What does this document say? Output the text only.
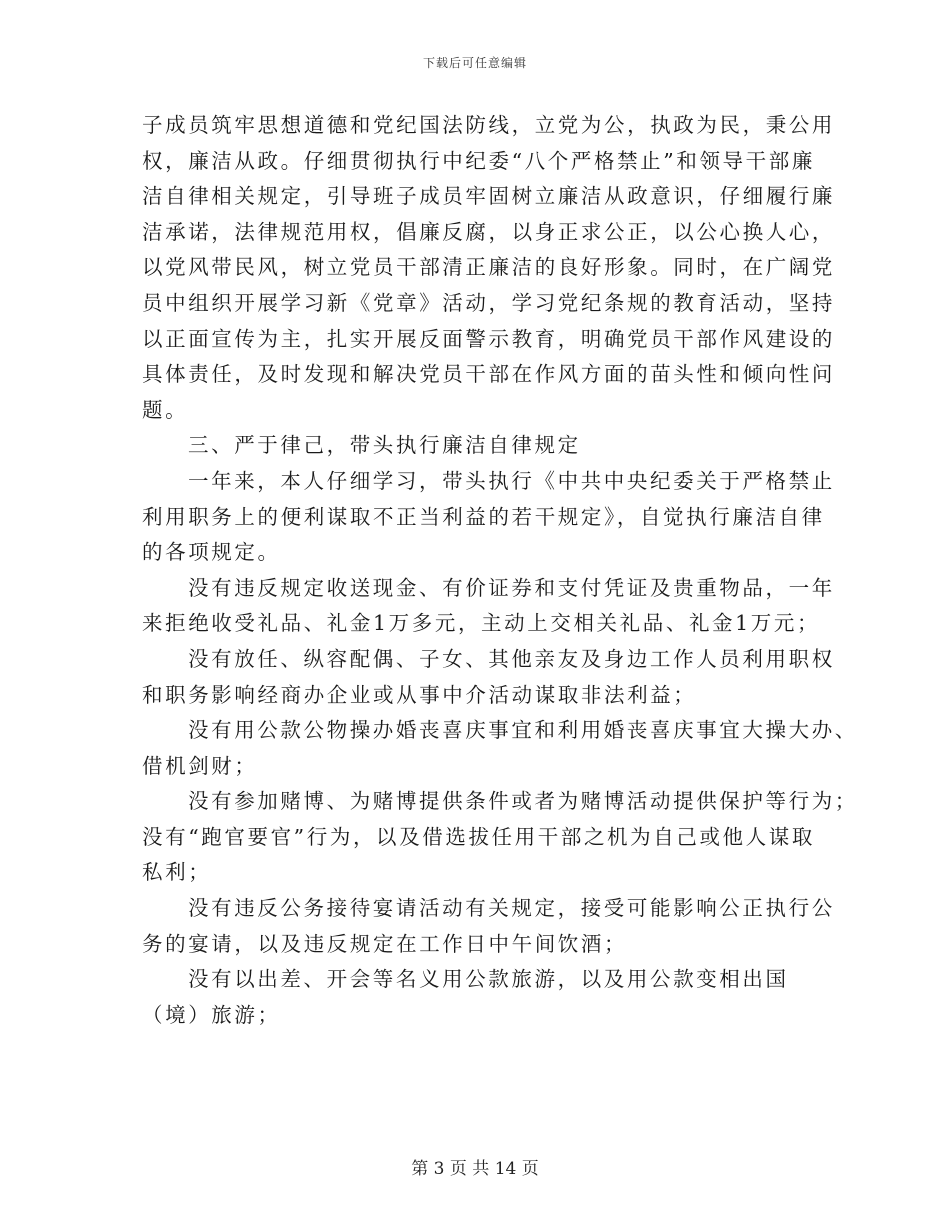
下载后可任意编辑
子成员筑牢思想道德和党纪国法防线，立党为公，执政为民，秉公用
权，廉洁从政。仔细贯彻执行中纪委“八个严格禁止”和领导干部廉
洁自律相关规定，引导班子成员牢固树立廉洁从政意识，仔细履行廉
洁承诺，法律规范用权，倡廉反腐，以身正求公正，以公心换人心，
以党风带民风，树立党员干部清正廉洁的良好形象。同时，在广阔党
员中组织开展学习新《党章》活动，学习党纪条规的教育活动，坚持
以正面宣传为主，扎实开展反面警示教育，明确党员干部作风建设的
具体责任，及时发现和解决党员干部在作风方面的苗头性和倾向性问
题。
三、严于律己，带头执行廉洁自律规定
一年来，本人仔细学习，带头执行《中共中央纪委关于严格禁止
利用职务上的便利谋取不正当利益的若干规定》，自觉执行廉洁自律
的各项规定。
没有违反规定收送现金、有价证券和支付凭证及贵重物品，一年
来拒绝收受礼品、礼金1万多元，主动上交相关礼品、礼金1万元；
没有放任、纵容配偶、子女、其他亲友及身边工作人员利用职权
和职务影响经商办企业或从事中介活动谋取非法利益；
没有用公款公物操办婚丧喜庆事宜和利用婚丧喜庆事宜大操大办、
借机剑财；
没有参加赌博、为赌博提供条件或者为赌博活动提供保护等行为；
没有“跑官要官”行为，以及借选拔任用干部之机为自己或他人谋取
私利；
没有违反公务接待宴请活动有关规定，接受可能影响公正执行公
务的宴请，以及违反规定在工作日中午间饮酒；
没有以出差、开会等名义用公款旅游，以及用公款变相出国
（境）旅游；
第 3 页 共 14 页
